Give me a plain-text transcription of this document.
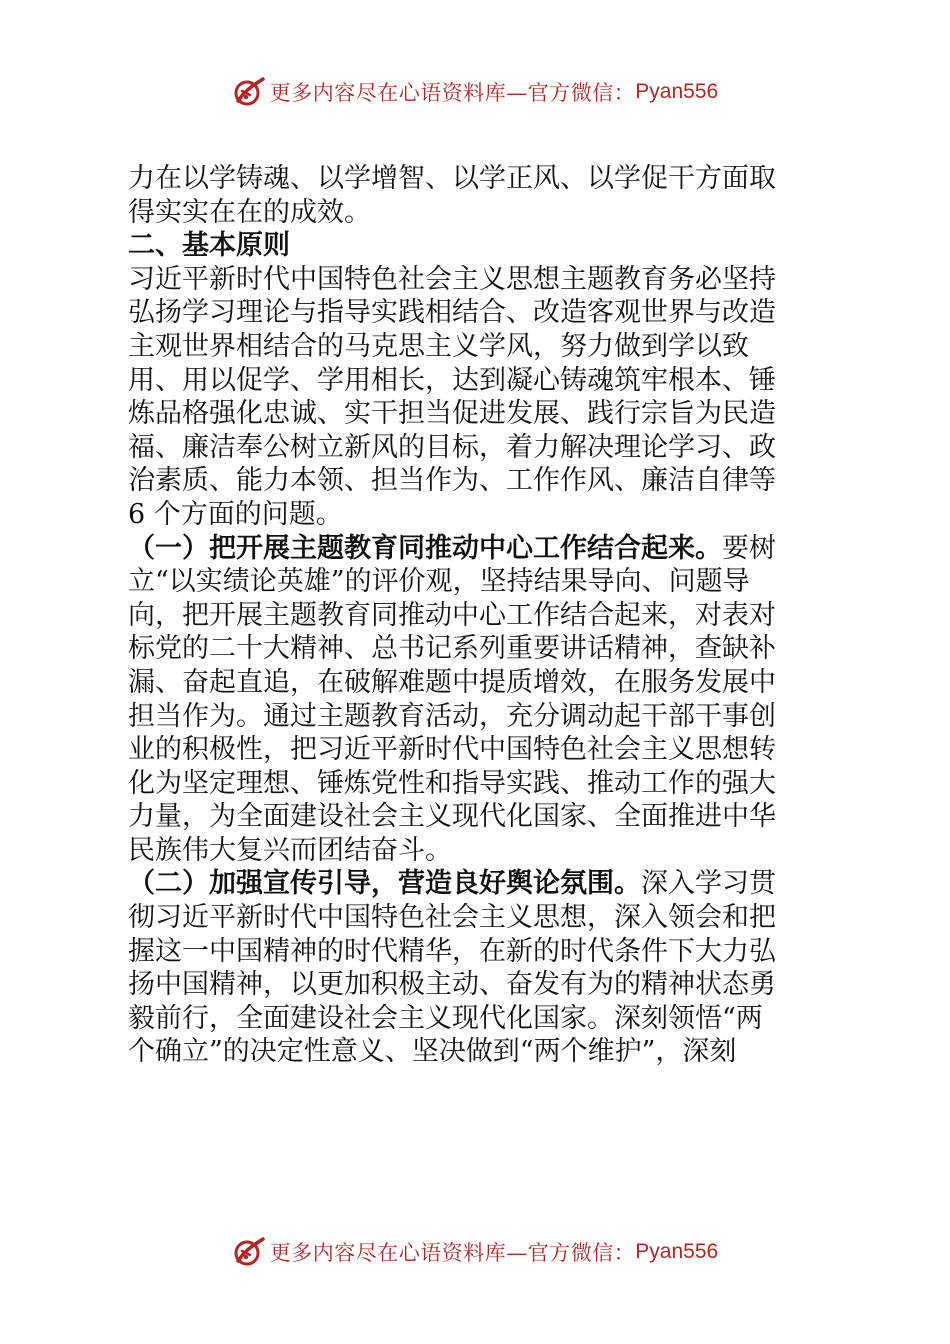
更多内容尽在心语资料库—官方微信： Pyan556
力在以学铸魂、以学增智、以学正风、以学促干方面取
得实实在在的成效。
二、基本原则
习近平新时代中国特色社会主义思想主题教育务必坚持
弘扬学习理论与指导实践相结合、改造客观世界与改造
主观世界相结合的马克思主义学风，努力做到学以致
用、用以促学、学用相长，达到凝心铸魂筑牢根本、锤
炼品格强化忠诚、实干担当促进发展、践行宗旨为民造
福、廉洁奉公树立新风的目标，着力解决理论学习、政
治素质、能力本领、担当作为、工作作风、廉洁自律等
6 个方面的问题。
（一）把开展主题教育同推动中心工作结合起来。要树
立“以实绩论英雄”的评价观，坚持结果导向、问题导
向，把开展主题教育同推动中心工作结合起来，对表对
标党的二十大精神、总书记系列重要讲话精神，查缺补
漏、奋起直追，在破解难题中提质增效，在服务发展中
担当作为。通过主题教育活动，充分调动起干部干事创
业的积极性，把习近平新时代中国特色社会主义思想转
化为坚定理想、锤炼党性和指导实践、推动工作的强大
力量，为全面建设社会主义现代化国家、全面推进中华
民族伟大复兴而团结奋斗。
（二）加强宣传引导，营造良好舆论氛围。深入学习贯
彻习近平新时代中国特色社会主义思想，深入领会和把
握这一中国精神的时代精华，在新的时代条件下大力弘
扬中国精神，以更加积极主动、奋发有为的精神状态勇
毅前行，全面建设社会主义现代化国家。深刻领悟“两
个确立”的决定性意义、坚决做到“两个维护”，深刻
更多内容尽在心语资料库—官方微信： Pyan556
